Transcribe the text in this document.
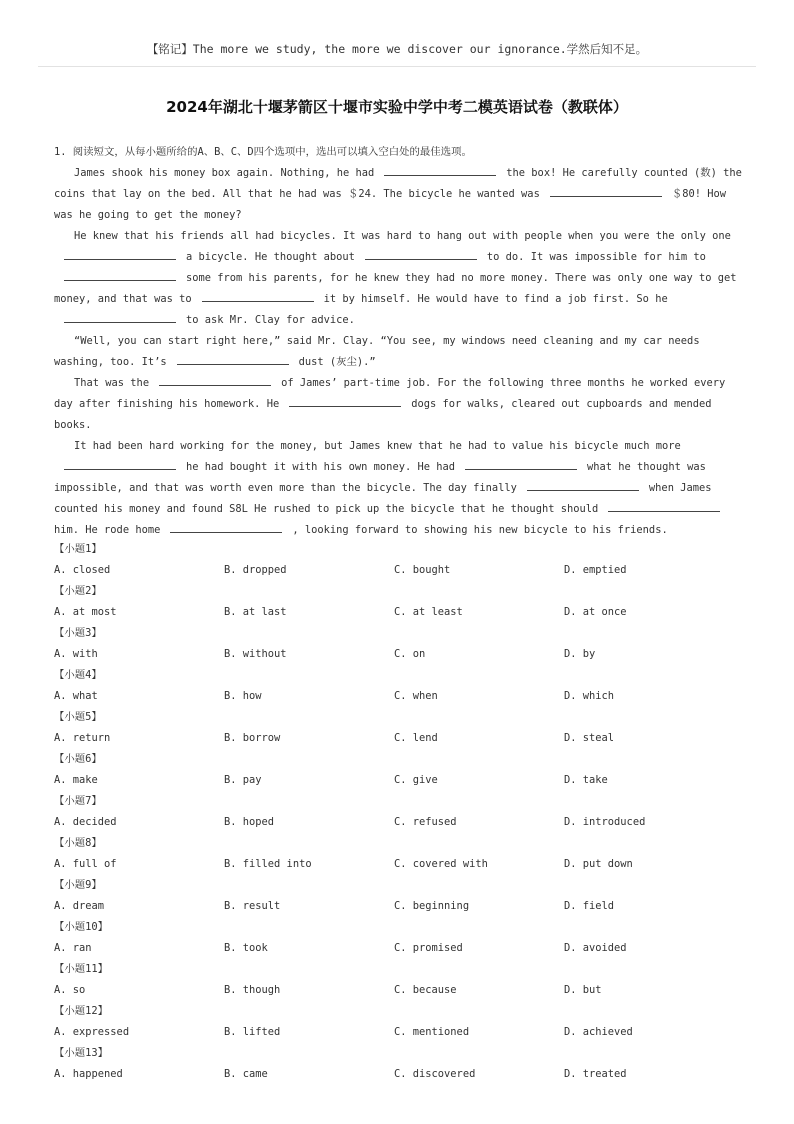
【铭记】The more we study, the more we discover our ignorance.学然后知不足。
2024年湖北十堰茅箭区十堰市实验中学中考二模英语试卷（教联体）

1. 阅读短文，从每小题所给的A、B、C、D四个选项中，选出可以填入空白处的最佳选项。

James shook his money box again. Nothing, he had	the box! He carefully counted (数) the coins that lay on the bed. All that he had was ＄24. The bicycle he wanted was	＄80! How was he going to get the money?

He knew that his friends all had bicycles. It was hard to hang out with people when you were the only one a bicycle. He thought about	to do. It was impossible for him to some from his parents, for he knew they had no more money. There was only one way to get money, and that was to	it by himself. He would have to find a job first. So he to ask Mr. Clay for advice.

“Well, you can start right here,” said Mr. Clay. “You see, my windows need cleaning and my car needs washing, too. It’s	dust (灰尘).”

That was the	of James’ part-time job. For the following three months he worked every day after finishing his homework. He	dogs for walks, cleared out cupboards and mended books.

It had been hard working for the money, but James knew that he had to value his bicycle much more he had bought it with his own money. He had	what he thought was impossible, and that was worth even more than the bicycle. The day finally	when James counted his money and found S8L He rushed to pick up the bicycle that he thought shouldhim. He rode home	, looking forward to showing his new bicycle to his friends.

【小题1】
A. closed	B. dropped	C. bought	D. emptied
【小题2】
A. at most	B. at last	C. at least	D. at once
【小题3】
A. with	B. without	C. on	D. by
【小题4】
A. what	B. how	C. when	D. which
【小题5】
A. return	B. borrow	C. lend	D. steal
【小题6】
A. make	B. pay	C. give	D. take
【小题7】
A. decided	B. hoped	C. refused	D. introduced
【小题8】
A. full of	B. filled into	C. covered with	D. put down
【小题9】
A. dream	B. result	C. beginning	D. field
【小题10】
A. ran	B. took	C. promised	D. avoided
【小题11】
A. so	B. though	C. because	D. but
【小题12】
A. expressed	B. lifted	C. mentioned	D. achieved
【小题13】
A. happened	B. came	C. discovered	D. treated
